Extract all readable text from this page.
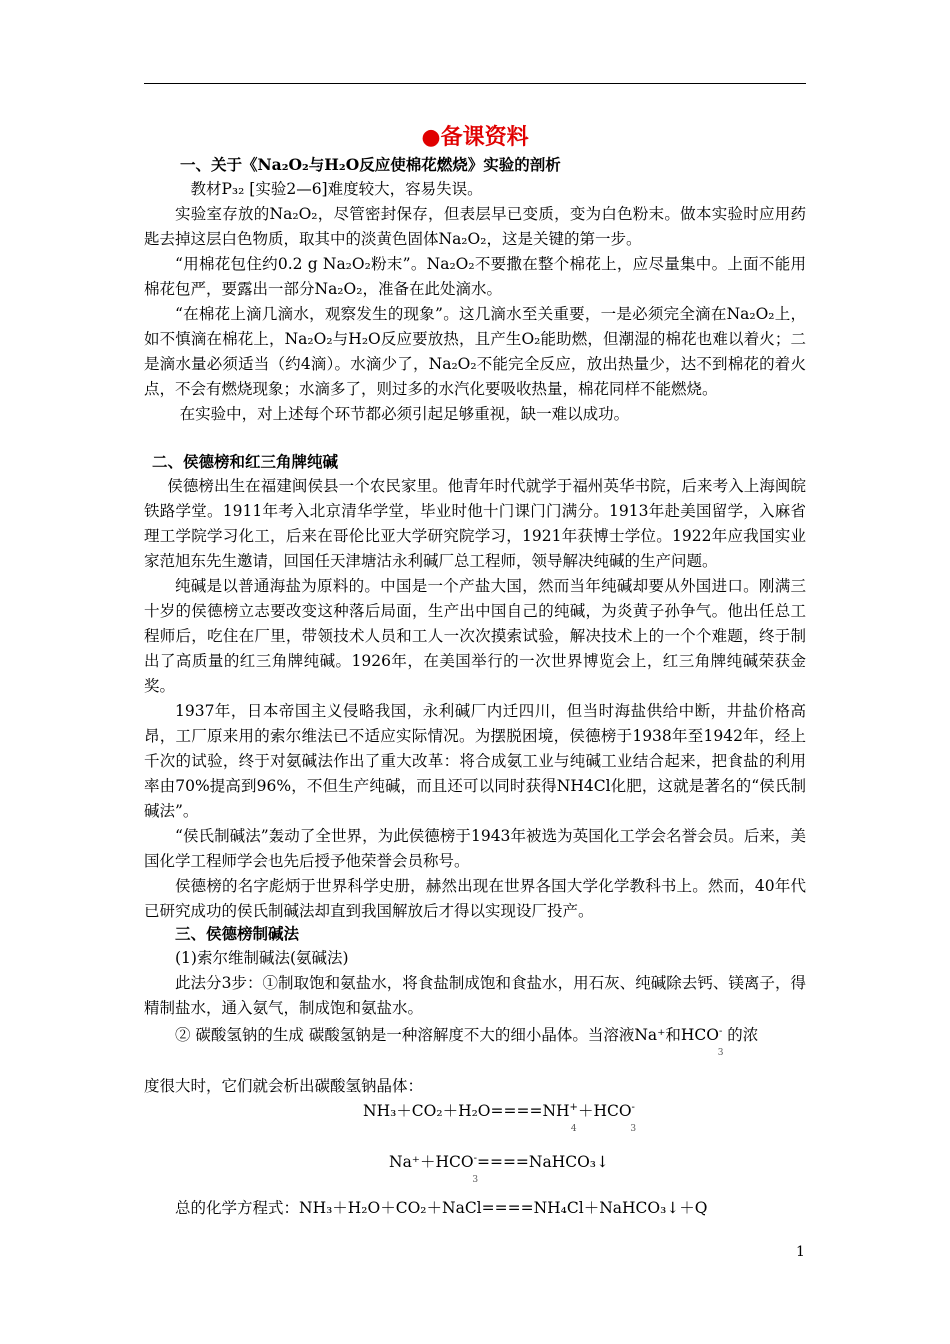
●备课资料
一、关于《Na₂O₂与H₂O反应使棉花燃烧》实验的剖析

教材P₃₂ [实验2—6]难度较大，容易失误。

实验室存放的Na₂O₂，尽管密封保存，但表层早已变质，变为白色粉末。做本实验时应用药匙去掉这层白色物质，取其中的淡黄色固体Na₂O₂，这是关键的第一步。

“用棉花包住约0.2 g Na₂O₂粉末”。Na₂O₂不要撒在整个棉花上，应尽量集中。上面不能用棉花包严，要露出一部分Na₂O₂，准备在此处滴水。

“在棉花上滴几滴水，观察发生的现象”。这几滴水至关重要，一是必须完全滴在Na₂O₂上，如不慎滴在棉花上，Na₂O₂与H₂O反应要放热，且产生O₂能助燃，但潮湿的棉花也难以着火；二是滴水量必须适当（约4滴）。水滴少了，Na₂O₂不能完全反应，放出热量少，达不到棉花的着火点，不会有燃烧现象；水滴多了，则过多的水汽化要吸收热量，棉花同样不能燃烧。

在实验中，对上述每个环节都必须引起足够重视，缺一难以成功。

二、侯德榜和红三角牌纯碱

侯德榜出生在福建闽侯县一个农民家里。他青年时代就学于福州英华书院，后来考入上海闽皖铁路学堂。1911年考入北京清华学堂，毕业时他十门课门门满分。1913年赴美国留学，入麻省理工学院学习化工，后来在哥伦比亚大学研究院学习，1921年获博士学位。1922年应我国实业家范旭东先生邀请，回国任天津塘沽永利碱厂总工程师，领导解决纯碱的生产问题。

纯碱是以普通海盐为原料的。中国是一个产盐大国，然而当年纯碱却要从外国进口。刚满三十岁的侯德榜立志要改变这种落后局面，生产出中国自己的纯碱，为炎黄子孙争气。他出任总工程师后，吃住在厂里，带领技术人员和工人一次次摸索试验，解决技术上的一个个难题，终于制出了高质量的红三角牌纯碱。1926年，在美国举行的一次世界博览会上，红三角牌纯碱荣获金奖。

1937年，日本帝国主义侵略我国，永利碱厂内迁四川，但当时海盐供给中断，井盐价格高昂，工厂原来用的索尔维法已不适应实际情况。为摆脱困境，侯德榜于1938年至1942年，经上千次的试验，终于对氨碱法作出了重大改革：将合成氨工业与纯碱工业结合起来，把食盐的利用率由70%提高到96%，不但生产纯碱，而且还可以同时获得NH4Cl化肥，这就是著名的“侯氏制碱法”。

“侯氏制碱法”轰动了全世界，为此侯德榜于1943年被选为英国化工学会名誉会员。后来，美国化学工程师学会也先后授予他荣誉会员称号。

侯德榜的名字彪炳于世界科学史册，赫然出现在世界各国大学化学教科书上。然而，40年代已研究成功的侯氏制碱法却直到我国解放后才得以实现设厂投产。

三、侯德榜制碱法

(1)索尔维制碱法(氨碱法)

此法分3步：①制取饱和氨盐水，将食盐制成饱和食盐水，用石灰、纯碱除去钙、镁离子，得精制盐水，通入氨气，制成饱和氨盐水。

② 碳酸氢钠的生成 碳酸氢钠是一种溶解度不大的细小晶体。当溶液Na⁺和HCO-
3
的浓
度很大时，它们就会析出碳酸氢钠晶体：
NH₃＋CO₂＋H₂O====NH+
4
＋HCO-
3
Na⁺＋HCO-
3
====NaHCO₃↓
总的化学方程式：NH₃＋H₂O＋CO₂＋NaCl====NH₄Cl＋NaHCO₃↓＋Q
1
